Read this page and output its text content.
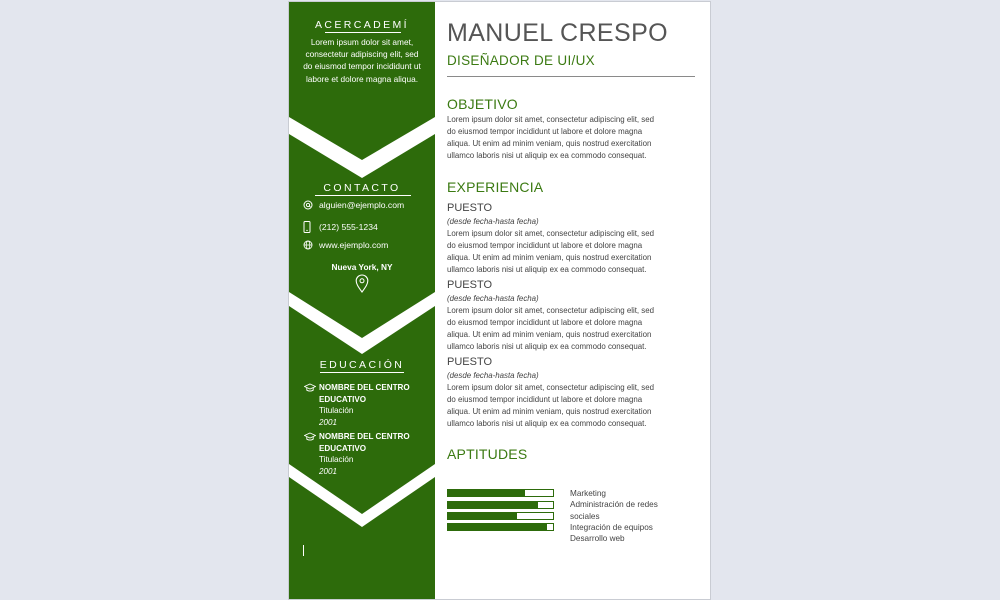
ACERCADEMÍ
Lorem ipsum dolor sit amet, consectetur adipiscing elit, sed do eiusmod tempor incididunt ut labore et dolore magna aliqua.
CONTACTO
alguien@ejemplo.com
(212) 555-1234
www.ejemplo.com
Nueva York, NY
EDUCACIÓN
NOMBRE DEL CENTRO
EDUCATIVO
Titulación
2001
NOMBRE DEL CENTRO
EDUCATIVO
Titulación
2001
MANUEL CRESPO
DISEÑADOR DE UI/UX
OBJETIVO
Lorem ipsum dolor sit amet, consectetur adipiscing elit, sed
do eiusmod tempor incididunt ut labore et dolore magna
aliqua. Ut enim ad minim veniam, quis nostrud exercitation
ullamco laboris nisi ut aliquip ex ea commodo consequat.
EXPERIENCIA
PUESTO
(desde fecha-hasta fecha)
Lorem ipsum dolor sit amet, consectetur adipiscing elit, sed
do eiusmod tempor incididunt ut labore et dolore magna
aliqua. Ut enim ad minim veniam, quis nostrud exercitation
ullamco laboris nisi ut aliquip ex ea commodo consequat.
PUESTO
(desde fecha-hasta fecha)
Lorem ipsum dolor sit amet, consectetur adipiscing elit, sed
do eiusmod tempor incididunt ut labore et dolore magna
aliqua. Ut enim ad minim veniam, quis nostrud exercitation
ullamco laboris nisi ut aliquip ex ea commodo consequat.
PUESTO
(desde fecha-hasta fecha)
Lorem ipsum dolor sit amet, consectetur adipiscing elit, sed
do eiusmod tempor incididunt ut labore et dolore magna
aliqua. Ut enim ad minim veniam, quis nostrud exercitation
ullamco laboris nisi ut aliquip ex ea commodo consequat.
APTITUDES
Marketing
Administración de redes
sociales
Integración de equipos
Desarrollo web
